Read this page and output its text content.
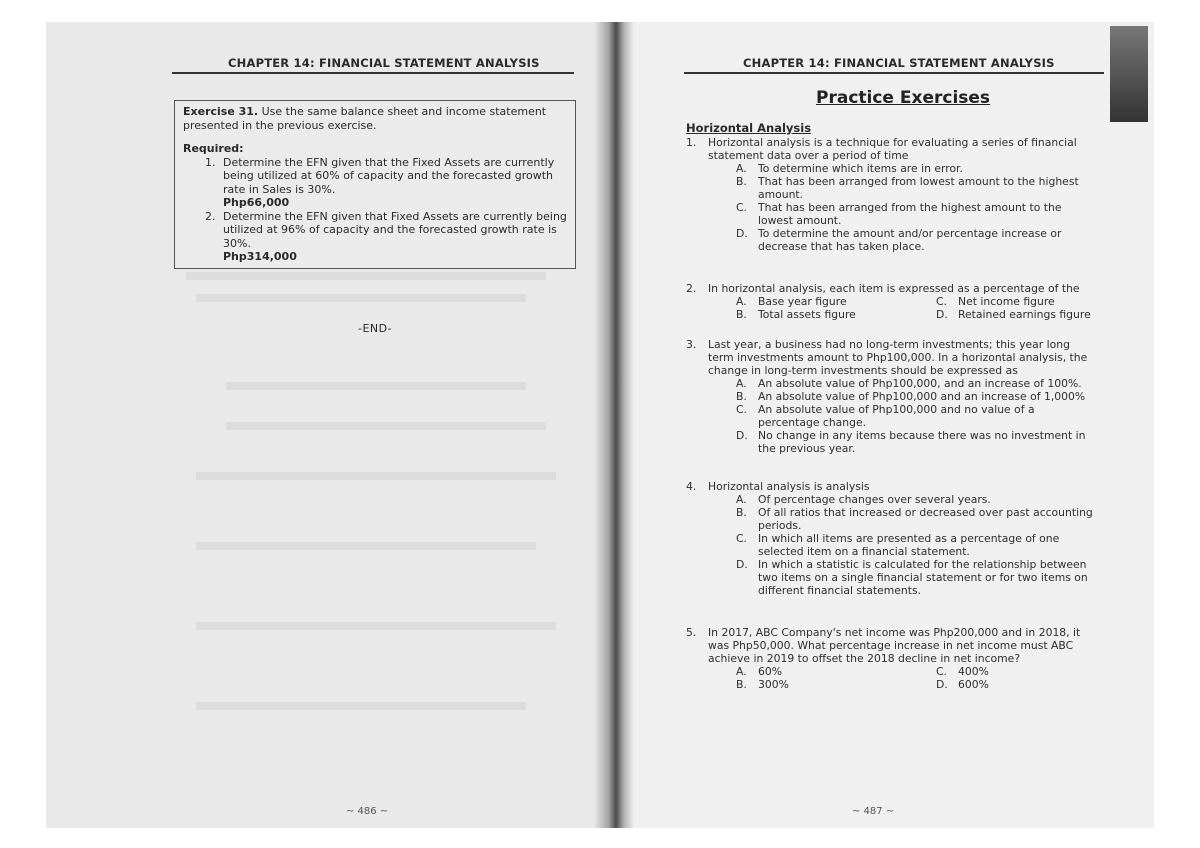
CHAPTER 14: FINANCIAL STATEMENT ANALYSIS
Exercise 31. Use the same balance sheet and income statement presented in the previous exercise.
Required:
1. Determine the EFN given that the Fixed Assets are currently being utilized at 60% of capacity and the forecasted growth rate in Sales is 30%.
Php66,000
2. Determine the EFN given that Fixed Assets are currently being utilized at 96% of capacity and the forecasted growth rate is 30%.
Php314,000
-END-
~ 486 ~
CHAPTER 14: FINANCIAL STATEMENT ANALYSIS
Practice Exercises
Horizontal Analysis
1. Horizontal analysis is a technique for evaluating a series of financial statement data over a period of time
A. To determine which items are in error.
B. That has been arranged from lowest amount to the highest amount.
C. That has been arranged from the highest amount to the lowest amount.
D. To determine the amount and/or percentage increase or decrease that has taken place.
2. In horizontal analysis, each item is expressed as a percentage of the
A. Base year figure	C. Net income figure
B. Total assets figure	D. Retained earnings figure
3. Last year, a business had no long-term investments; this year long term investments amount to Php100,000. In a horizontal analysis, the change in long-term investments should be expressed as
A. An absolute value of Php100,000, and an increase of 100%.
B. An absolute value of Php100,000 and an increase of 1,000%
C. An absolute value of Php100,000 and no value of a percentage change.
D. No change in any items because there was no investment in the previous year.
4. Horizontal analysis is analysis
A. Of percentage changes over several years.
B. Of all ratios that increased or decreased over past accounting periods.
C. In which all items are presented as a percentage of one selected item on a financial statement.
D. In which a statistic is calculated for the relationship between two items on a single financial statement or for two items on different financial statements.
5. In 2017, ABC Company's net income was Php200,000 and in 2018, it was Php50,000. What percentage increase in net income must ABC achieve in 2019 to offset the 2018 decline in net income?
A. 60%	C. 400%
B. 300%	D. 600%
~ 487 ~
